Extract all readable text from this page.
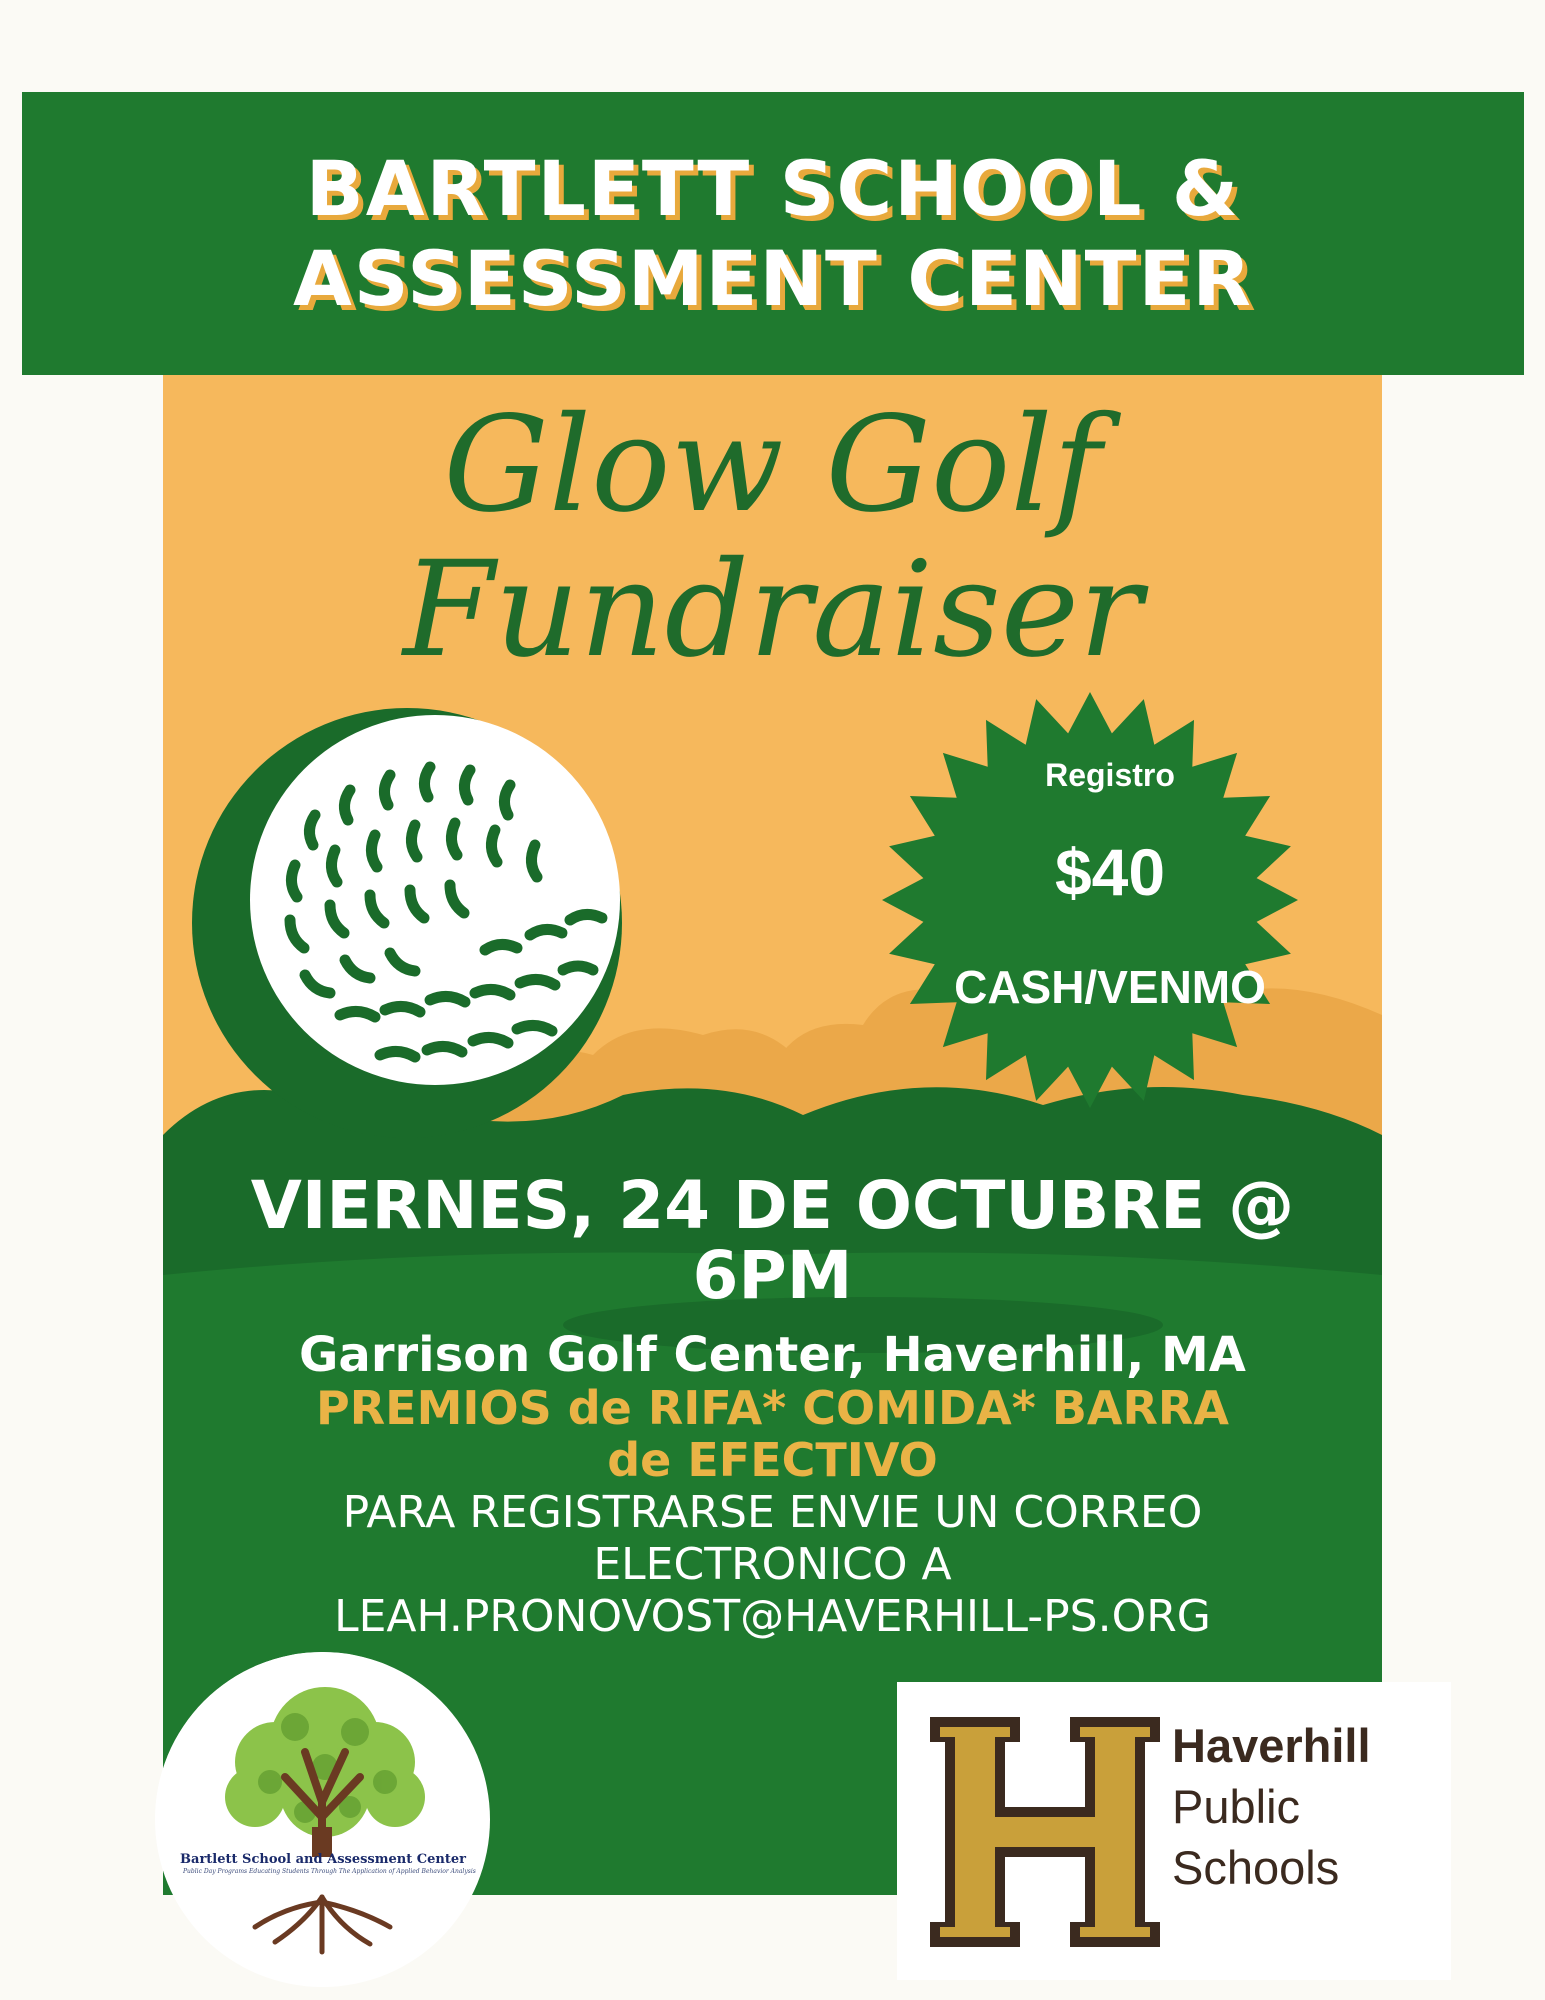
BARTLETT SCHOOL &
ASSESSMENT CENTER
Glow Golf
Fundraiser
Registro
$40
CASH/VENMO
VIERNES, 24 DE OCTUBRE @
6PM
Garrison Golf Center, Haverhill, MA
PREMIOS de RIFA* COMIDA* BARRA
de EFECTIVO
PARA REGISTRARSE ENVIE UN CORREO
ELECTRONICO A
LEAH.PRONOVOST@HAVERHILL-PS.ORG
Bartlett School and Assessment Center
Public Day Programs Educating Students Through The Application of Applied Behavior Analysis
Haverhill
Public
Schools
